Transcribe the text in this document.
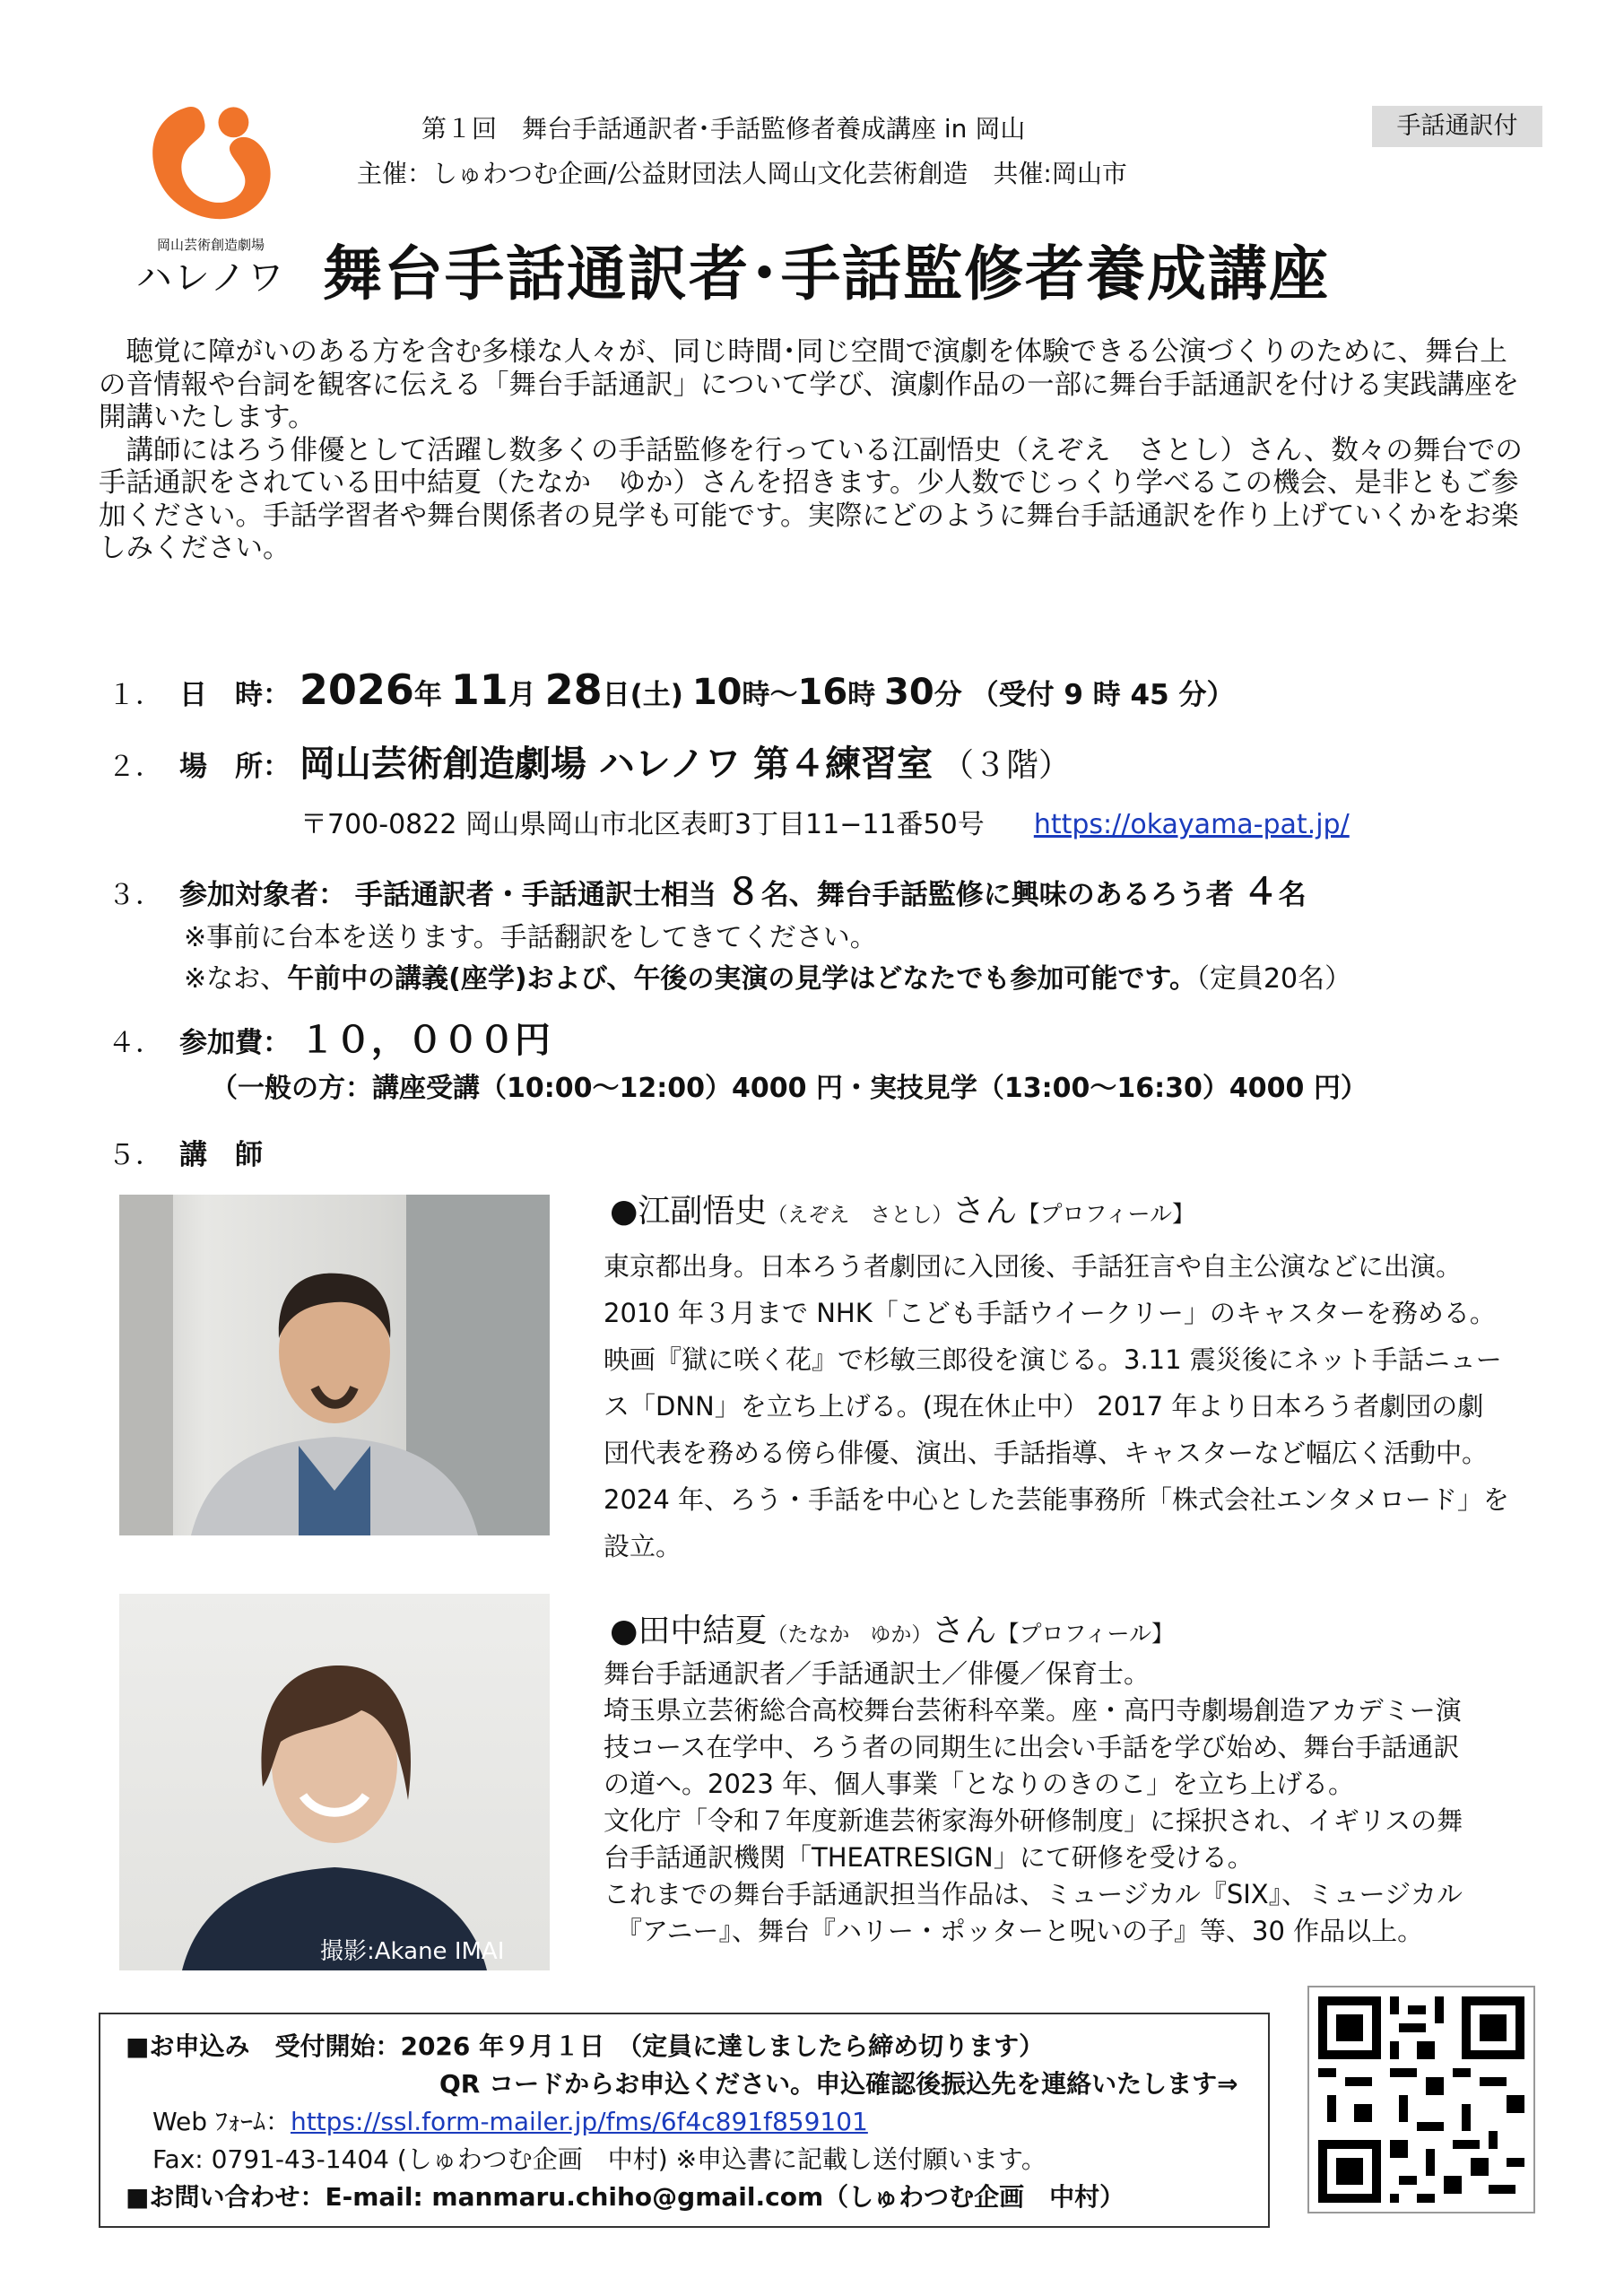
岡山芸術創造劇場
ハレノワ
第１回　舞台手話通訳者･手話監修者養成講座 in 岡山
主催：しゅわつむ企画/公益財団法人岡山文化芸術創造　共催:岡山市
手話通訳付
舞台手話通訳者･手話監修者養成講座

聴覚に障がいのある方を含む多様な人々が、同じ時間･同じ空間で演劇を体験できる公演づくりのために、舞台上の音情報や台詞を観客に伝える「舞台手話通訳」について学び、演劇作品の一部に舞台手話通訳を付ける実践講座を開講いたします。

講師にはろう俳優として活躍し数多くの手話監修を行っている江副悟史（えぞえ　さとし）さん、数々の舞台での手話通訳をされている田中結夏（たなか　ゆか）さんを招きます。少人数でじっくり学べるこの機会、是非ともご参加ください。手話学習者や舞台関係者の見学も可能です。実際にどのように舞台手話通訳を作り上げていくかをお楽しみください。

１． 日　時： 2026年 11月 28日(土) 10時～16時 30分 （受付 9 時 45 分）
２． 場　所： 岡山芸術創造劇場 ハレノワ 第４練習室 （３階）
〒700-0822 岡山県岡山市北区表町3丁目11−11番50号 https://okayama-pat.jp/
３． 参加対象者： 手話通訳者・手話通訳士相当 ８名、舞台手話監修に興味のあるろう者 ４名
※事前に台本を送ります。手話翻訳をしてきてください。
※なお、午前中の講義(座学)および、午後の実演の見学はどなたでも参加可能です。（定員20名）
４． 参加費： １０，０００円
（一般の方：講座受講（10:00～12:00）4000 円・実技見学（13:00～16:30）4000 円）
５． 講　師
撮影:Akane IMAI
●江副悟史（えぞえ　さとし）さん【プロフィール】
東京都出身。日本ろう者劇団に入団後、手話狂言や自主公演などに出演。
2010 年３月まで NHK「こども手話ウイークリー」のキャスターを務める。
映画『獄に咲く花』で杉敏三郎役を演じる。3.11 震災後にネット手話ニュー
ス「DNN」を立ち上げる。(現在休止中） 2017 年より日本ろう者劇団の劇
団代表を務める傍ら俳優、演出、手話指導、キャスターなど幅広く活動中。
2024 年、ろう・手話を中心とした芸能事務所「株式会社エンタメロード」を
設立。
●田中結夏（たなか　ゆか）さん【プロフィール】
舞台手話通訳者／手話通訳士／俳優／保育士。
埼玉県立芸術総合高校舞台芸術科卒業。座・高円寺劇場創造アカデミー演
技コース在学中、ろう者の同期生に出会い手話を学び始め、舞台手話通訳
の道へ。2023 年、個人事業「となりのきのこ」を立ち上げる。
文化庁「令和７年度新進芸術家海外研修制度」に採択され、イギリスの舞
台手話通訳機関「THEATRESIGN」にて研修を受ける。
これまでの舞台手話通訳担当作品は、ミュージカル『SIX』、ミュージカル
『アニー』、舞台『ハリー・ポッターと呪いの子』等、30 作品以上。
■お申込み　受付開始：2026 年９月１日　（定員に達しましたら締め切ります）
QR コードからお申込ください。申込確認後振込先を連絡いたします⇒
Web ﾌｫｰﾑ：https://ssl.form-mailer.jp/fms/6f4c891f859101
Fax: 0791-43-1404 (しゅわつむ企画　中村) ※申込書に記載し送付願います。
■お問い合わせ：E-mail: manmaru.chiho@gmail.com（しゅわつむ企画　中村）
